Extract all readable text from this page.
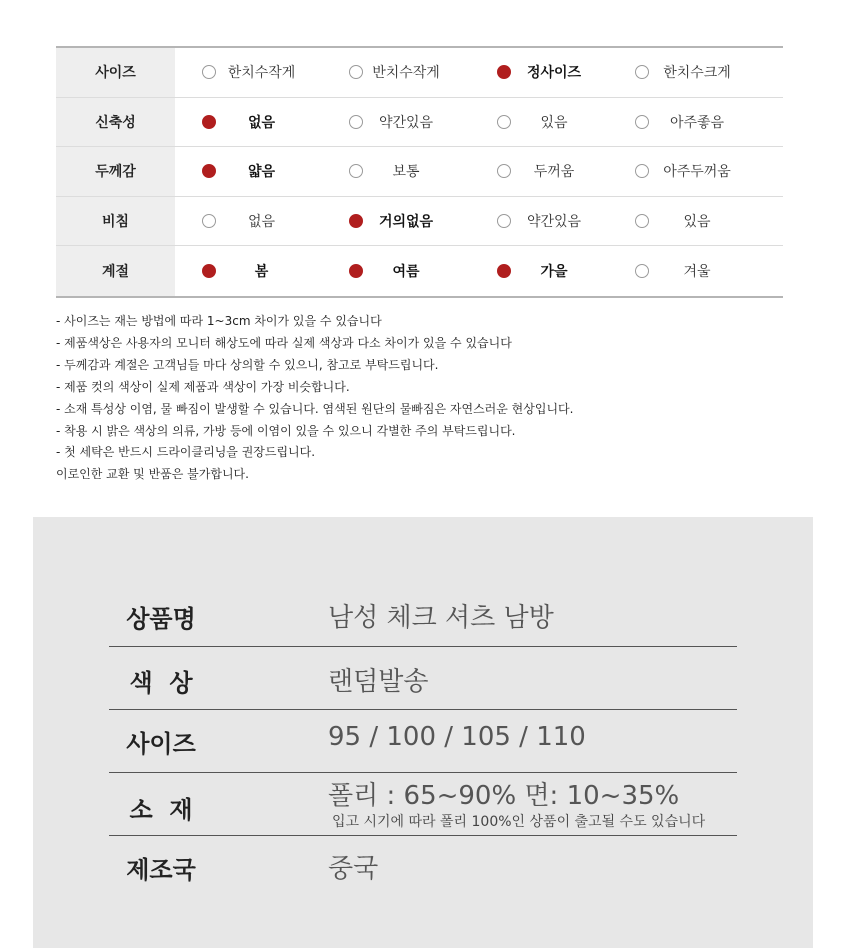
사이즈	한치수작게	반치수작게	정사이즈	한치수크게
신축성	없음	약간있음	있음	아주좋음
두께감	얇음	보통	두꺼움	아주두꺼움
비침	없음	거의없음	약간있음	있음
계절	봄	여름	가을	겨울
- 사이즈는 재는 방법에 따라 1~3cm 차이가 있을 수 있습니다
- 제품색상은 사용자의 모니터 해상도에 따라 실제 색상과 다소 차이가 있을 수 있습니다
- 두께감과 계절은 고객님들 마다 상의할 수 있으니, 참고로 부탁드립니다.
- 제품 컷의 색상이 실제 제품과 색상이 가장 비슷합니다.
- 소재 특성상 이염, 물 빠짐이 발생할 수 있습니다. 염색된 원단의 물빠짐은 자연스러운 현상입니다.
- 착용 시 밝은 색상의 의류, 가방 등에 이염이 있을 수 있으니 각별한 주의 부탁드립니다.
- 첫 세탁은 반드시 드라이클리닝을 권장드립니다.
이로인한 교환 및 반품은 불가합니다.
상품명	남성 체크 셔츠 남방
색  상	랜덤발송
사이즈	95 / 100 / 105 / 110
소  재	폴리 : 65~90% 면: 10~35%
입고 시기에 따라 폴리 100%인 상품이 출고될 수도 있습니다
제조국	중국
